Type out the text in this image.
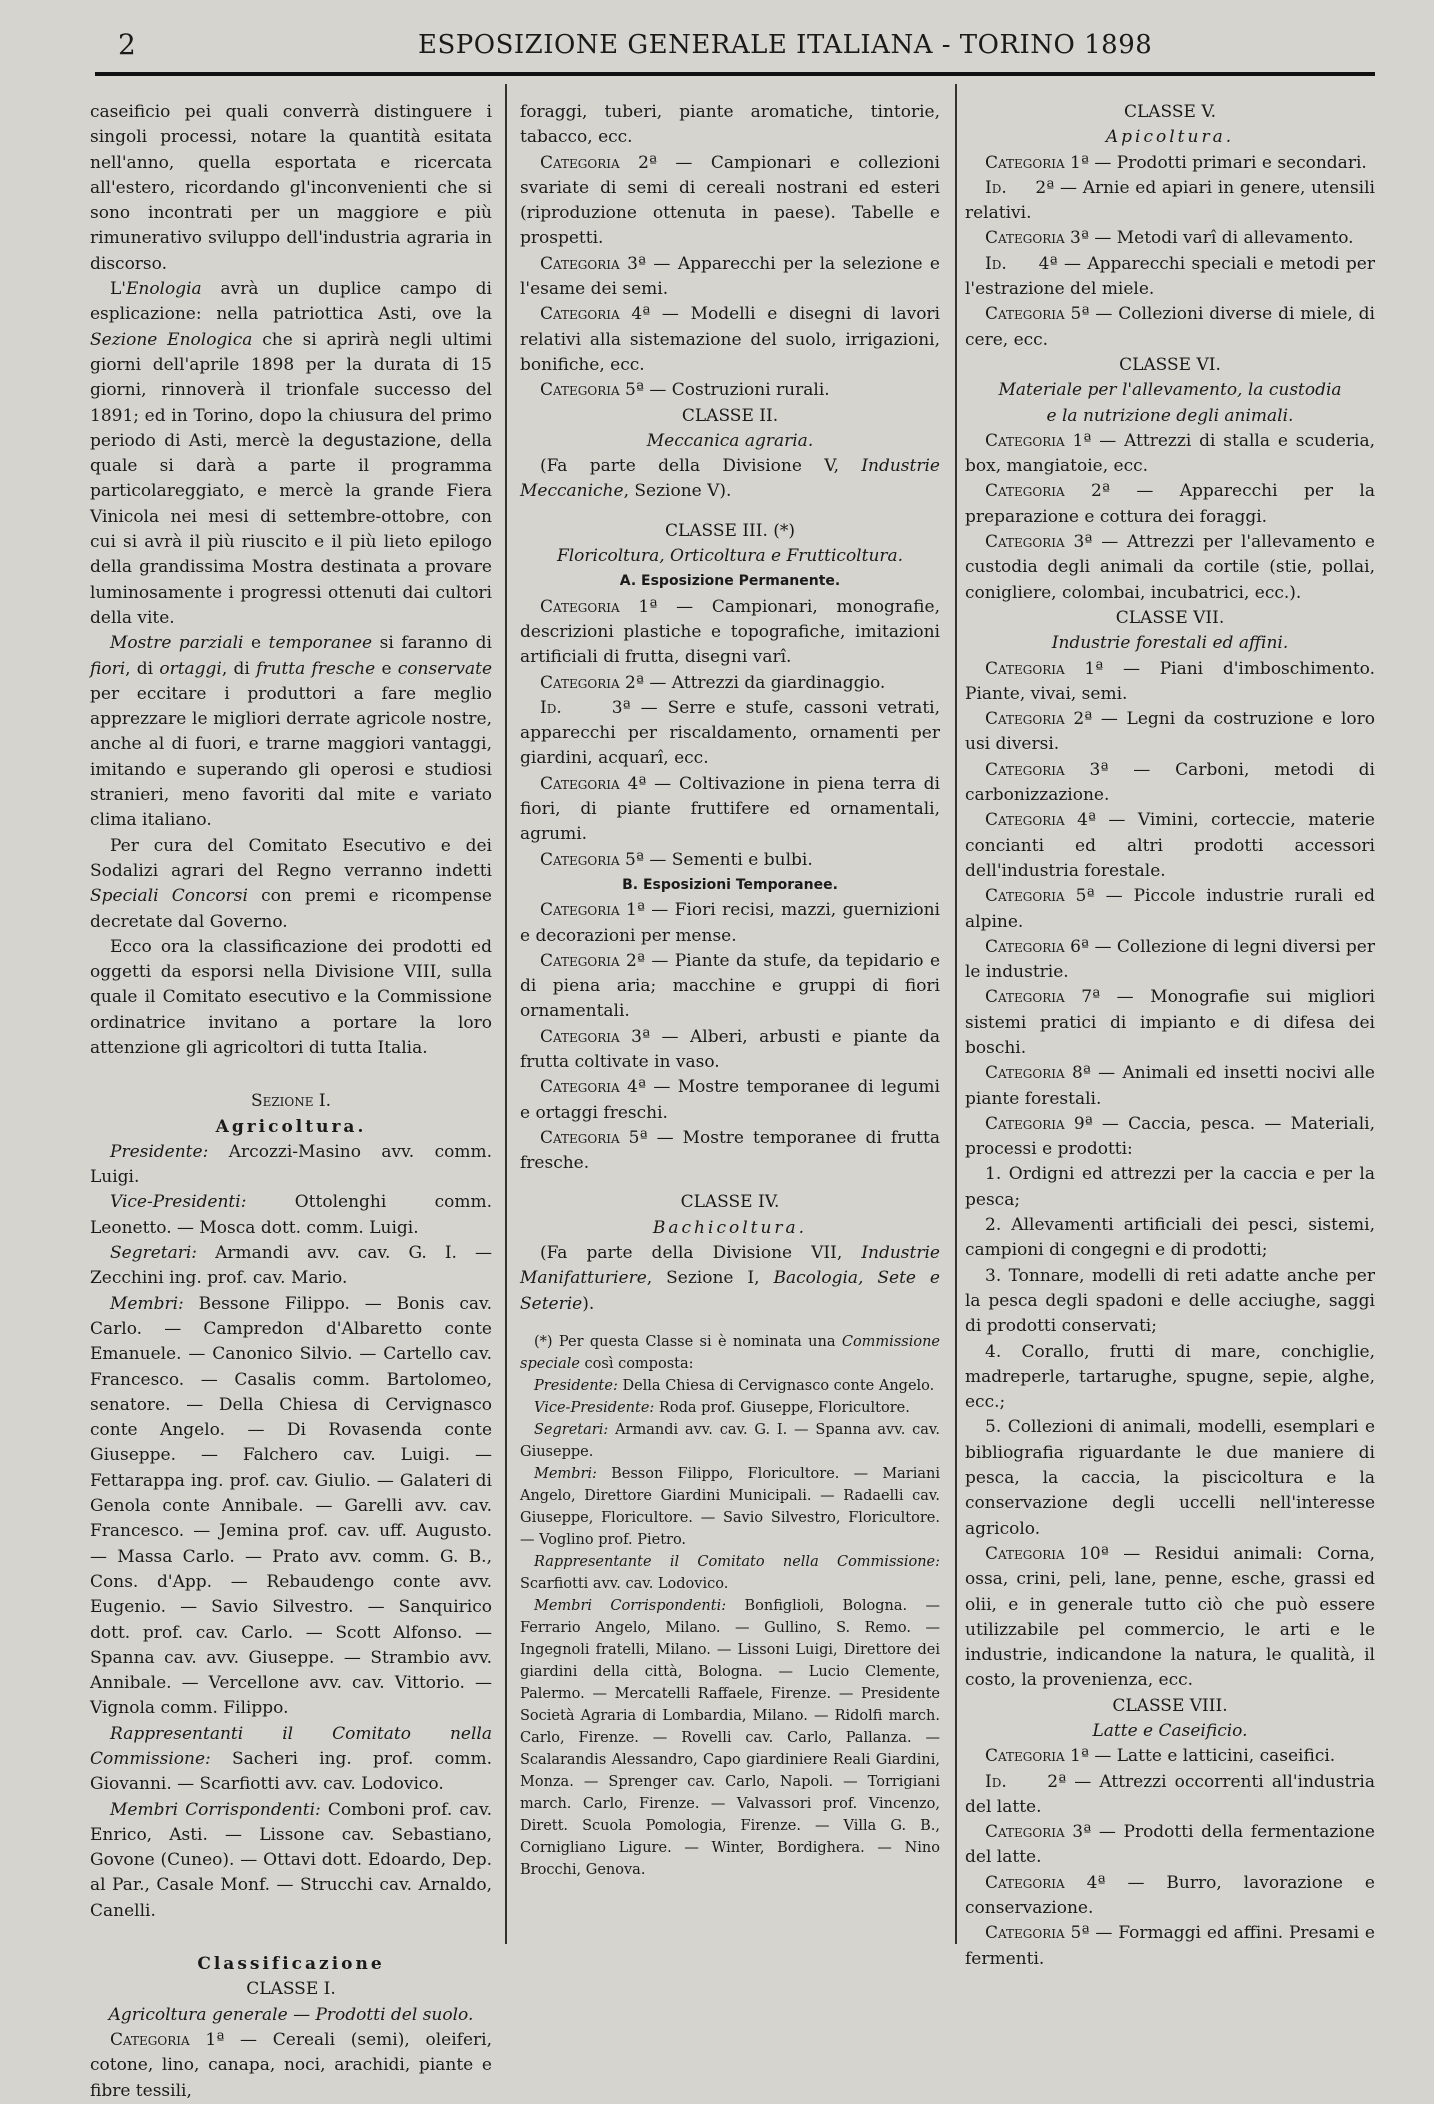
2	ESPOSIZIONE GENERALE ITALIANA - TORINO 1898

caseificio pei quali converrà distinguere i singoli processi, notare la quantità esitata nell'anno, quella esportata e ricercata all'estero, ricordando gl'inconvenienti che si sono incontrati per un maggiore e più rimunerativo sviluppo dell'industria agraria in discorso.

L'Enologia avrà un duplice campo di esplicazione: nella patriottica Asti, ove la Sezione Enologica che si aprirà negli ultimi giorni dell'aprile 1898 per la durata di 15 giorni, rinnoverà il trionfale successo del 1891; ed in Torino, dopo la chiusura del primo periodo di Asti, mercè la degustazione, della quale si darà a parte il programma particolareggiato, e mercè la grande Fiera Vinicola nei mesi di settembre-ottobre, con cui si avrà il più riuscito e il più lieto epilogo della grandissima Mostra destinata a provare luminosamente i progressi ottenuti dai cultori della vite.

Mostre parziali e temporanee si faranno di fiori, di ortaggi, di frutta fresche e conservate per eccitare i produttori a fare meglio apprezzare le migliori derrate agricole nostre, anche al di fuori, e trarne maggiori vantaggi, imitando e superando gli operosi e studiosi stranieri, meno favoriti dal mite e variato clima italiano.

Per cura del Comitato Esecutivo e dei Sodalizi agrari del Regno verranno indetti Speciali Concorsi con premi e ricompense decretate dal Governo.

Ecco ora la classificazione dei prodotti ed oggetti da esporsi nella Divisione VIII, sulla quale il Comitato esecutivo e la Commissione ordinatrice invitano a portare la loro attenzione gli agricoltori di tutta Italia.

Sezione I.

Agricoltura.

Presidente: Arcozzi-Masino avv. comm. Luigi.

Vice-Presidenti: Ottolenghi comm. Leonetto. — Mosca dott. comm. Luigi.

Segretari: Armandi avv. cav. G. I. — Zecchini ing. prof. cav. Mario.

Membri: Bessone Filippo. — Bonis cav. Carlo. — Campredon d'Albaretto conte Emanuele. — Canonico Silvio. — Cartello cav. Francesco. — Casalis comm. Bartolomeo, senatore. — Della Chiesa di Cervignasco conte Angelo. — Di Rovasenda conte Giuseppe. — Falchero cav. Luigi. — Fettarappa ing. prof. cav. Giulio. — Galateri di Genola conte Annibale. — Garelli avv. cav. Francesco. — Jemina prof. cav. uff. Augusto. — Massa Carlo. — Prato avv. comm. G. B., Cons. d'App. — Rebaudengo conte avv. Eugenio. — Savio Silvestro. — Sanquirico dott. prof. cav. Carlo. — Scott Alfonso. — Spanna cav. avv. Giuseppe. — Strambio avv. Annibale. — Vercellone avv. cav. Vittorio. — Vignola comm. Filippo.

Rappresentanti il Comitato nella Commissione: Sacheri ing. prof. comm. Giovanni. — Scarfiotti avv. cav. Lodovico.

Membri Corrispondenti: Comboni prof. cav. Enrico, Asti. — Lissone cav. Sebastiano, Govone (Cuneo). — Ottavi dott. Edoardo, Dep. al Par., Casale Monf. — Strucchi cav. Arnaldo, Canelli.

Classificazione

CLASSE I.

Agricoltura generale — Prodotti del suolo.

Categoria 1ª — Cereali (semi), oleiferi, cotone, lino, canapa, noci, arachidi, piante e fibre tessili,

foraggi, tuberi, piante aromatiche, tintorie, tabacco, ecc.

Categoria 2ª — Campionari e collezioni svariate di semi di cereali nostrani ed esteri (riproduzione ottenuta in paese). Tabelle e prospetti.

Categoria 3ª — Apparecchi per la selezione e l'esame dei semi.

Categoria 4ª — Modelli e disegni di lavori relativi alla sistemazione del suolo, irrigazioni, bonifiche, ecc.

Categoria 5ª — Costruzioni rurali.

CLASSE II.

Meccanica agraria.

(Fa parte della Divisione V, Industrie Meccaniche, Sezione V).

CLASSE III. (*)

Floricoltura, Orticoltura e Frutticoltura.

A. Esposizione Permanente.

Categoria 1ª — Campionari, monografie, descrizioni plastiche e topografiche, imitazioni artificiali di frutta, disegni varî.

Categoria 2ª — Attrezzi da giardinaggio.

Id.	3ª — Serre e stufe, cassoni vetrati, apparecchi per riscaldamento, ornamenti per giardini, acquarî, ecc.

Categoria 4ª — Coltivazione in piena terra di fiori, di piante fruttifere ed ornamentali, agrumi.

Categoria 5ª — Sementi e bulbi.

B. Esposizioni Temporanee.

Categoria 1ª — Fiori recisi, mazzi, guernizioni e decorazioni per mense.

Categoria 2ª — Piante da stufe, da tepidario e di piena aria; macchine e gruppi di fiori ornamentali.

Categoria 3ª — Alberi, arbusti e piante da frutta coltivate in vaso.

Categoria 4ª — Mostre temporanee di legumi e ortaggi freschi.

Categoria 5ª — Mostre temporanee di frutta fresche.

CLASSE IV.

Bachicoltura.

(Fa parte della Divisione VII, Industrie Manifatturiere, Sezione I, Bacologia, Sete e Seterie).

(*) Per questa Classe si è nominata una Commissione speciale così composta:

Presidente: Della Chiesa di Cervignasco conte Angelo.

Vice-Presidente: Roda prof. Giuseppe, Floricultore.

Segretari: Armandi avv. cav. G. I. — Spanna avv. cav. Giuseppe.

Membri: Besson Filippo, Floricultore. — Mariani Angelo, Direttore Giardini Municipali. — Radaelli cav. Giuseppe, Floricultore. — Savio Silvestro, Floricultore. — Voglino prof. Pietro.

Rappresentante il Comitato nella Commissione: Scarfiotti avv. cav. Lodovico.

Membri Corrispondenti: Bonfiglioli, Bologna. — Ferrario Angelo, Milano. — Gullino, S. Remo. — Ingegnoli fratelli, Milano. — Lissoni Luigi, Direttore dei giardini della città, Bologna. — Lucio Clemente, Palermo. — Mercatelli Raffaele, Firenze. — Presidente Società Agraria di Lombardia, Milano. — Ridolfi march. Carlo, Firenze. — Rovelli cav. Carlo, Pallanza. — Scalarandis Alessandro, Capo giardiniere Reali Giardini, Monza. — Sprenger cav. Carlo, Napoli. — Torrigiani march. Carlo, Firenze. — Valvassori prof. Vincenzo, Dirett. Scuola Pomologia, Firenze. — Villa G. B., Cornigliano Ligure. — Winter, Bordighera. — Nino Brocchi, Genova.

CLASSE V.

Apicoltura.

Categoria 1ª — Prodotti primari e secondari.

Id. 2ª — Arnie ed apiari in genere, utensili relativi.

Categoria 3ª — Metodi varî di allevamento.

Id. 4ª — Apparecchi speciali e metodi per l'estrazione del miele.

Categoria 5ª — Collezioni diverse di miele, di cere, ecc.

CLASSE VI.

Materiale per l'allevamento, la custodia

e la nutrizione degli animali.

Categoria 1ª — Attrezzi di stalla e scuderia, box, mangiatoie, ecc.

Categoria 2ª — Apparecchi per la preparazione e cottura dei foraggi.

Categoria 3ª — Attrezzi per l'allevamento e custodia degli animali da cortile (stie, pollai, conigliere, colombai, incubatrici, ecc.).

CLASSE VII.

Industrie forestali ed affini.

Categoria 1ª — Piani d'imboschimento. Piante, vivai, semi.

Categoria 2ª — Legni da costruzione e loro usi diversi.

Categoria 3ª — Carboni, metodi di carbonizzazione.

Categoria 4ª — Vimini, corteccie, materie concianti ed altri prodotti accessori dell'industria forestale.

Categoria 5ª — Piccole industrie rurali ed alpine.

Categoria 6ª — Collezione di legni diversi per le industrie.

Categoria 7ª — Monografie sui migliori sistemi pratici di impianto e di difesa dei boschi.

Categoria 8ª — Animali ed insetti nocivi alle piante forestali.

Categoria 9ª — Caccia, pesca. — Materiali, processi e prodotti:

1. Ordigni ed attrezzi per la caccia e per la pesca;

2. Allevamenti artificiali dei pesci, sistemi, campioni di congegni e di prodotti;

3. Tonnare, modelli di reti adatte anche per la pesca degli spadoni e delle acciughe, saggi di prodotti conservati;

4. Corallo, frutti di mare, conchiglie, madreperle, tartarughe, spugne, sepie, alghe, ecc.;

5. Collezioni di animali, modelli, esemplari e bibliografia riguardante le due maniere di pesca, la caccia, la piscicoltura e la conservazione degli uccelli nell'interesse agricolo.

Categoria 10ª — Residui animali: Corna, ossa, crini, peli, lane, penne, esche, grassi ed olii, e in generale tutto ciò che può essere utilizzabile pel commercio, le arti e le industrie, indicandone la natura, le qualità, il costo, la provenienza, ecc.

CLASSE VIII.

Latte e Caseificio.

Categoria 1ª — Latte e latticini, caseifici.

Id. 2ª — Attrezzi occorrenti all'industria del latte.

Categoria 3ª — Prodotti della fermentazione del latte.

Categoria 4ª — Burro, lavorazione e conservazione.

Categoria 5ª — Formaggi ed affini. Presami e fermenti.
